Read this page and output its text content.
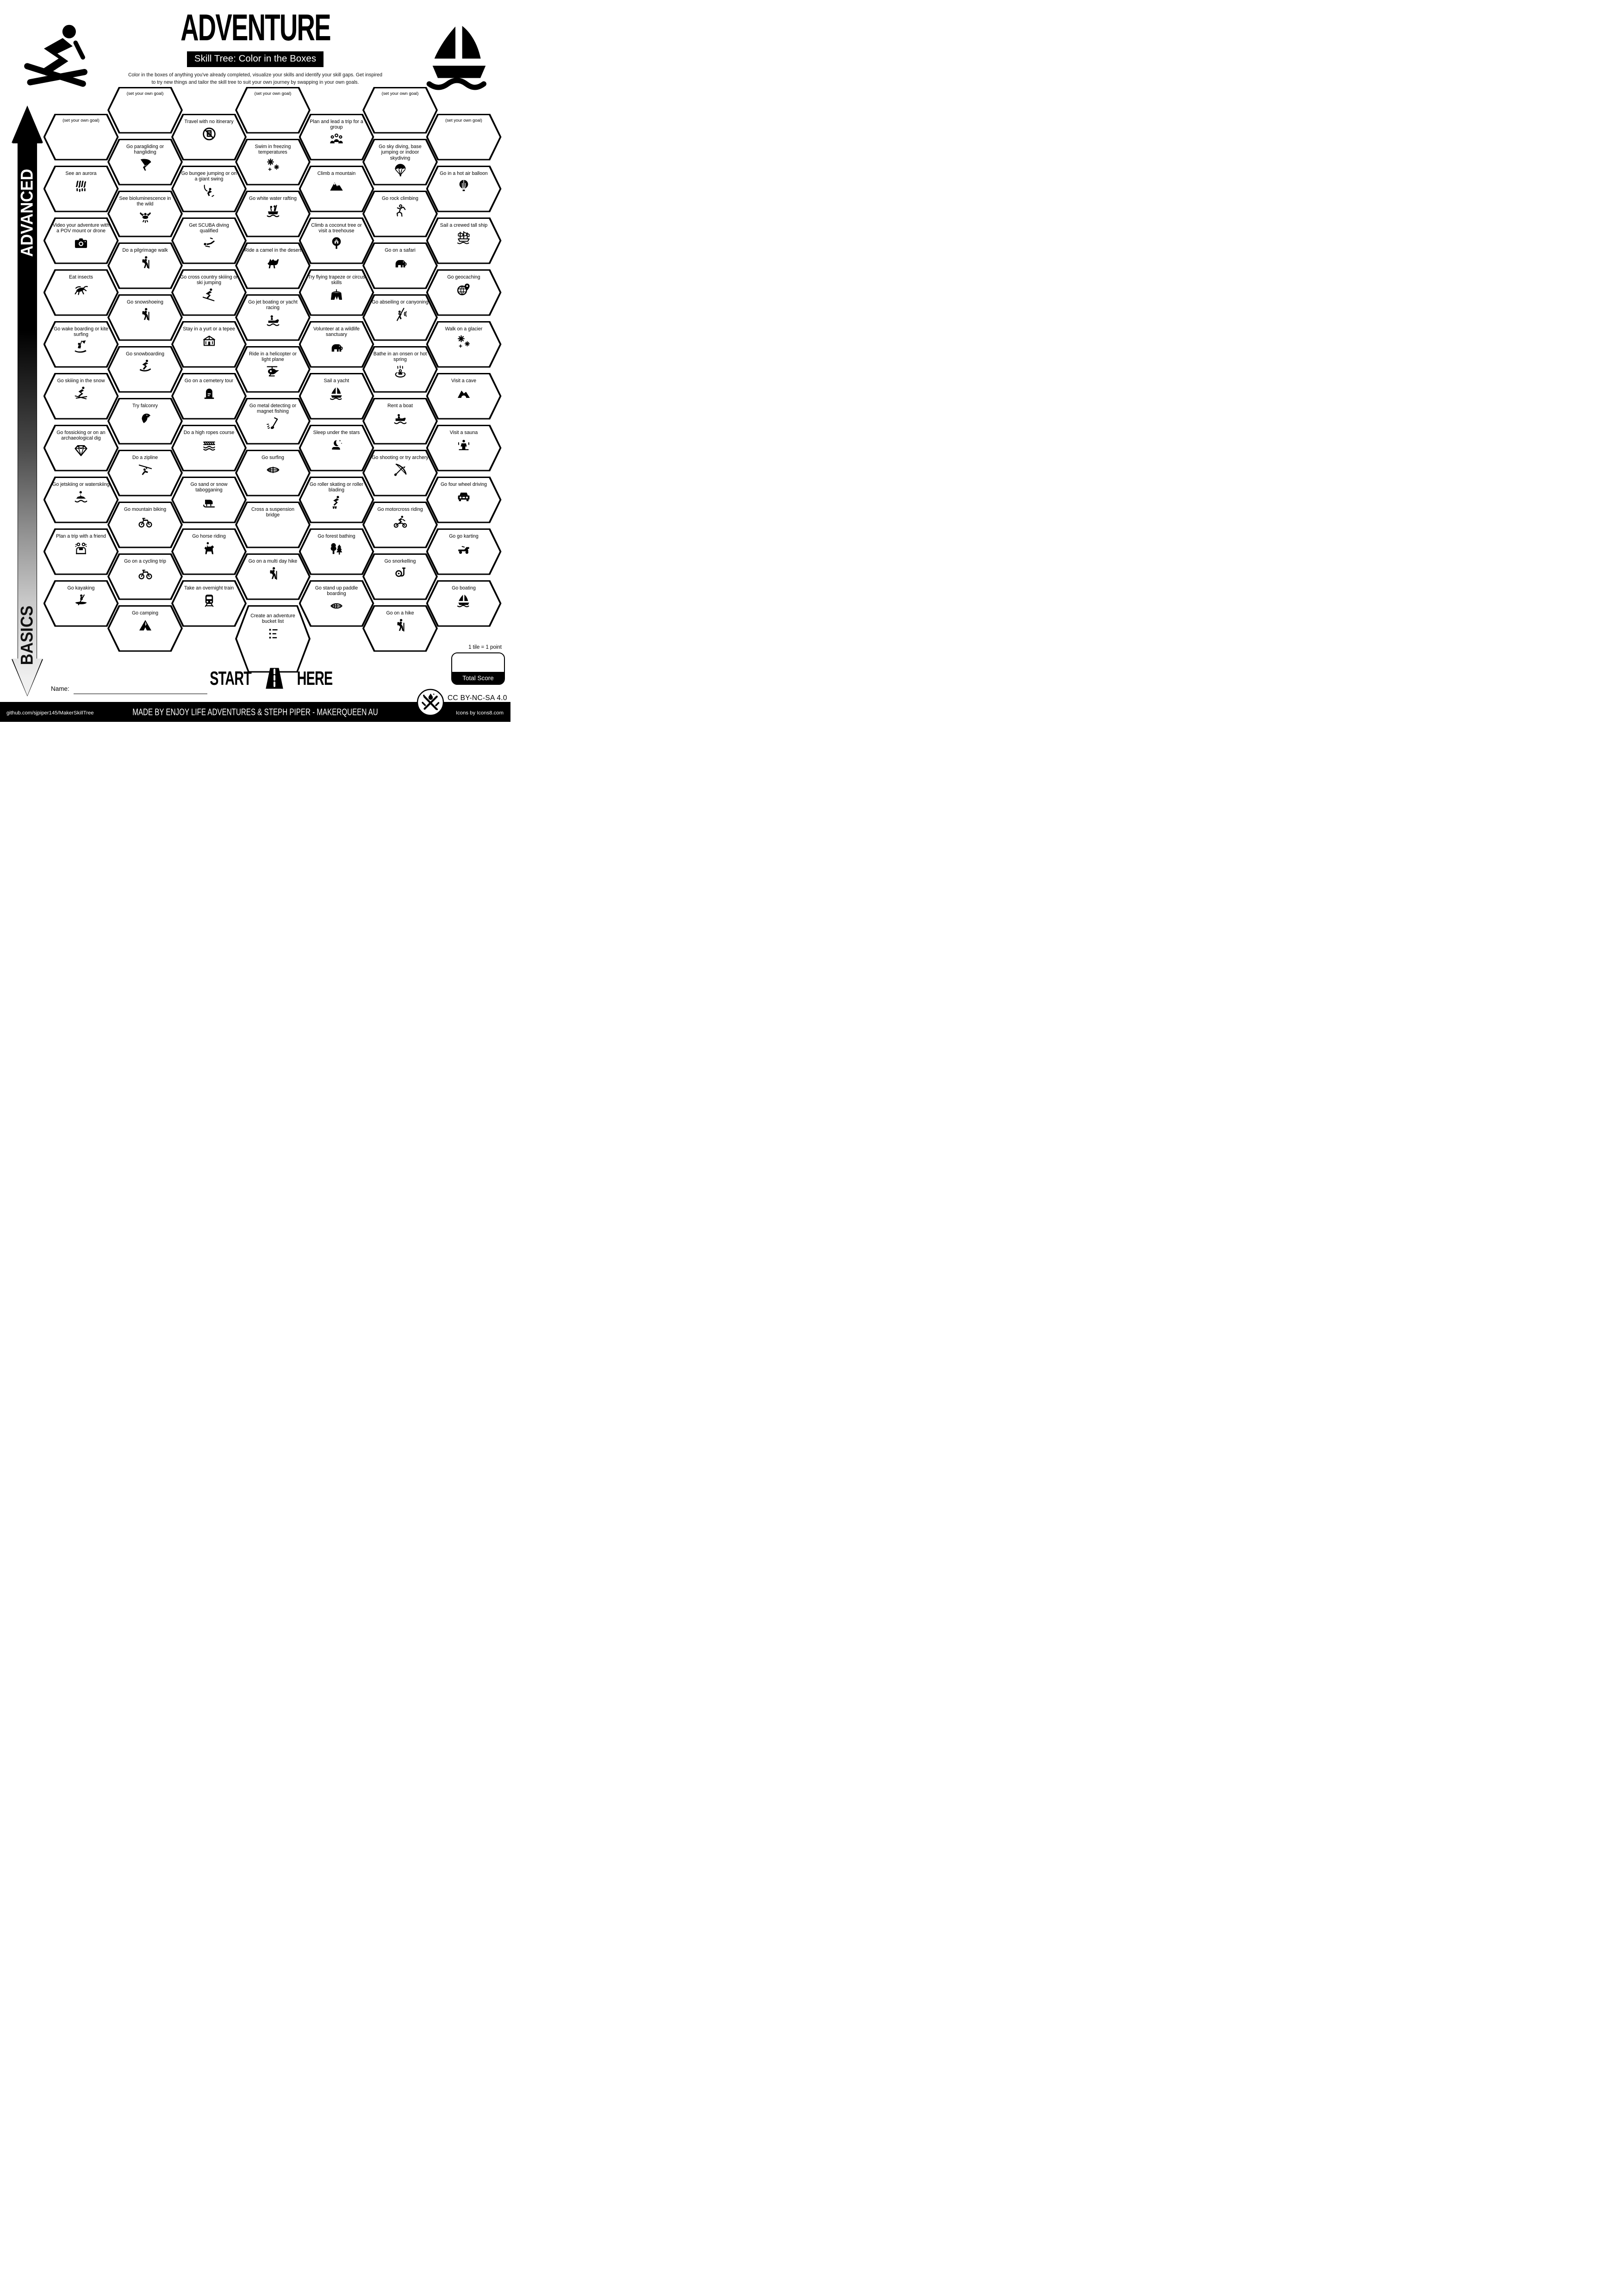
ADVENTURE
Skill Tree: Color in the Boxes
Color in the boxes of anything you've already completed, visualize your skills and identify your skill gaps. Get inspired
to try new things and tailor the skill tree to suit your own journey by swapping in your own goals.
ADVANCED
BASICS
(set your own goal)
See an aurora
Video your adventure with a POV mount or drone
Eat insects
Go wake boarding or kite surfing
Go skiiing in the snow
Go fossicking or on an archaeological dig
Go jetskiing or waterskiing
Plan a trip with a friend
Go kayaking
(set your own goal)
Go paragliding or hangliding
See bioluminescence in the wild
Do a pilgrimage walk
Go snowshoeing
Go snowboarding
Try falconry
Do a zipline
Go mountain biking
Go on a cycling trip
Go camping
Travel with no itinerary
Go bungee jumping or on a giant swing
Get SCUBA diving qualified
Go cross country skiiing or ski jumping
Stay in a yurt or a tepee
Go on a cemetery tour
Do a high ropes course
Go sand or snow tabogganing
Go horse riding
Take an overnight train
(set your own goal)
Swim in freezing temperatures
Go white water rafting
Ride a camel in the desert
Go jet boating or yacht racing
Ride in a helicopter or light plane
Go metal detecting or magnet fishing
Go surfing
Cross a suspension bridge
Go on a multi day hike
Create an adventure bucket list
Plan and lead a trip for a group
Climb a mountain
Climb a coconut tree or visit a treehouse
Try flying trapeze or circus skills
Volunteer at a wildlife sanctuary
Sail a yacht
Sleep under the stars
Go roller skating or roller blading
Go forest bathing
Go stand up paddle boarding
(set your own goal)
Go sky diving, base jumping or indoor skydiving
Go rock climbing
Go on a safari
Go abseiling or canyoning
Bathe in an onsen or hot spring
Rent a boat
Go shooting or try archery
Go motorcross riding
Go snorkelling
Go on a hike
(set your own goal)
Go in a hot air balloon
Sail a crewed tall ship
Go geocaching
Walk on a glacier
Visit a cave
Visit a sauna
Go four wheel driving
Go go karting
Go boating
START	HERE
Name:
1 tile = 1 point
Total Score
CC BY-NC-SA 4.0
github.com/sjpiper145/MakerSkillTree	MADE BY ENJOY LIFE ADVENTURES & STEPH PIPER - MAKERQUEEN AU	Icons by Icons8.com
